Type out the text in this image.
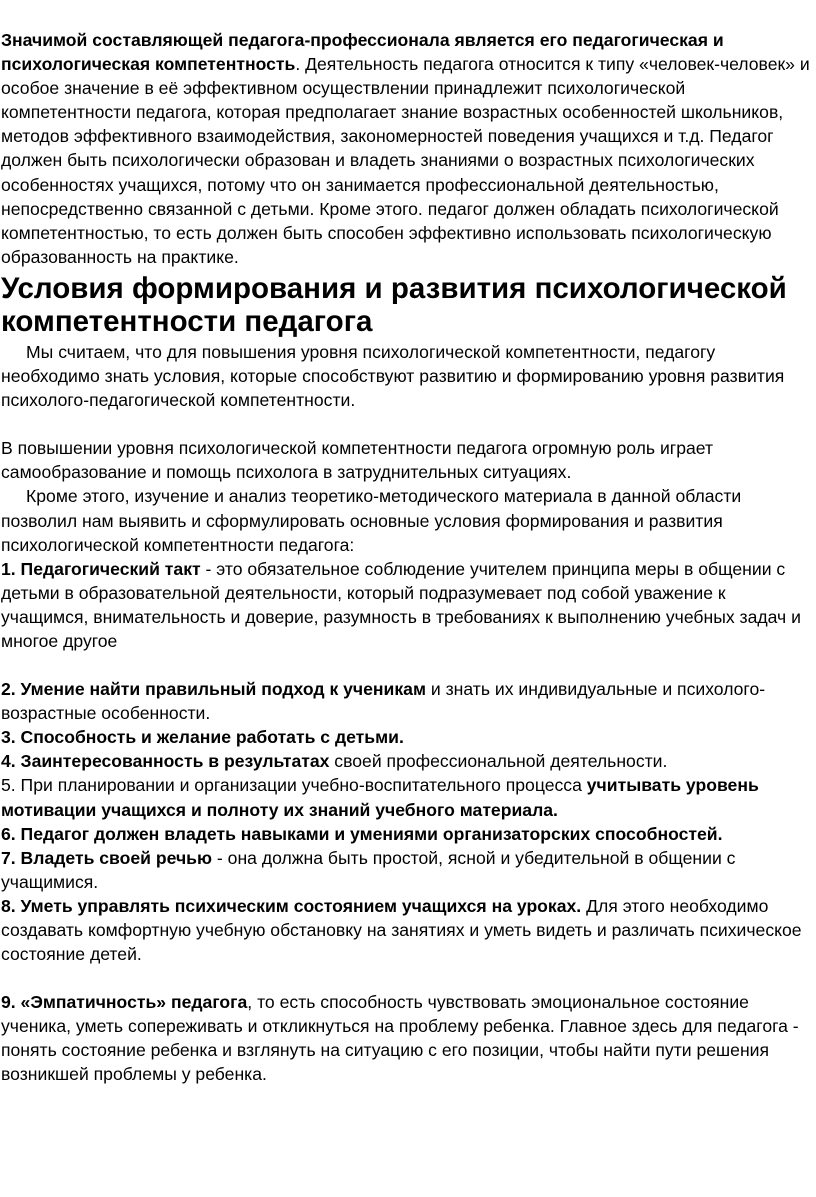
Значимой составляющей педагога-профессионала является его педагогическая и психологическая компетентность. Деятельность педагога относится к типу «человек-человек» и особое значение в её эффективном осуществлении принадлежит психологической компетентности педагога, которая предполагает знание возрастных особенностей школьников, методов эффективного взаимодействия, закономерностей поведения учащихся и т.д. Педагог должен быть психологически образован и владеть знаниями о возрастных психологических особенностях учащихся, потому что он занимается профессиональной деятельностью, непосредственно связанной с детьми. Кроме этого. педагог должен обладать психологической компетентностью, то есть должен быть способен эффективно использовать психологическую образованность на практике.

Условия формирования и развития психологической компетентности педагога

Мы считаем, что для повышения уровня психологической компетентности, педагогу необходимо знать условия, которые способствуют развитию и формированию уровня развития психолого-педагогической компетентности.

В повышении уровня психологической компетентности педагога огромную роль играет самообразование и помощь психолога в затруднительных ситуациях.

Кроме этого, изучение и анализ теоретико-методического материала в данной области позволил нам выявить и сформулировать основные условия формирования и развития психологической компетентности педагога:

1. Педагогический такт - это обязательное соблюдение учителем принципа меры в общении с детьми в образовательной деятельности, который подразумевает под собой уважение к учащимся, внимательность и доверие, разумность в требованиях к выполнению учебных задач и многое другое

2. Умение найти правильный подход к ученикам и знать их индивидуальные и психолого-возрастные особенности.

3. Способность и желание работать с детьми.

4. Заинтересованность в результатах своей профессиональной деятельности.

5. При планировании и организации учебно-воспитательного процесса учитывать уровень мотивации учащихся и полноту их знаний учебного материала.

6. Педагог должен владеть навыками и умениями организаторских способностей.

7. Владеть своей речью - она должна быть простой, ясной и убедительной в общении с учащимися.

8. Уметь управлять психическим состоянием учащихся на уроках. Для этого необходимо создавать комфортную учебную обстановку на занятиях и уметь видеть и различать психическое состояние детей.

9. «Эмпатичность» педагога, то есть способность чувствовать эмоциональное состояние ученика, уметь сопереживать и откликнуться на проблему ребенка. Главное здесь для педагога - понять состояние ребенка и взглянуть на ситуацию с его позиции, чтобы найти пути решения возникшей проблемы у ребенка.
